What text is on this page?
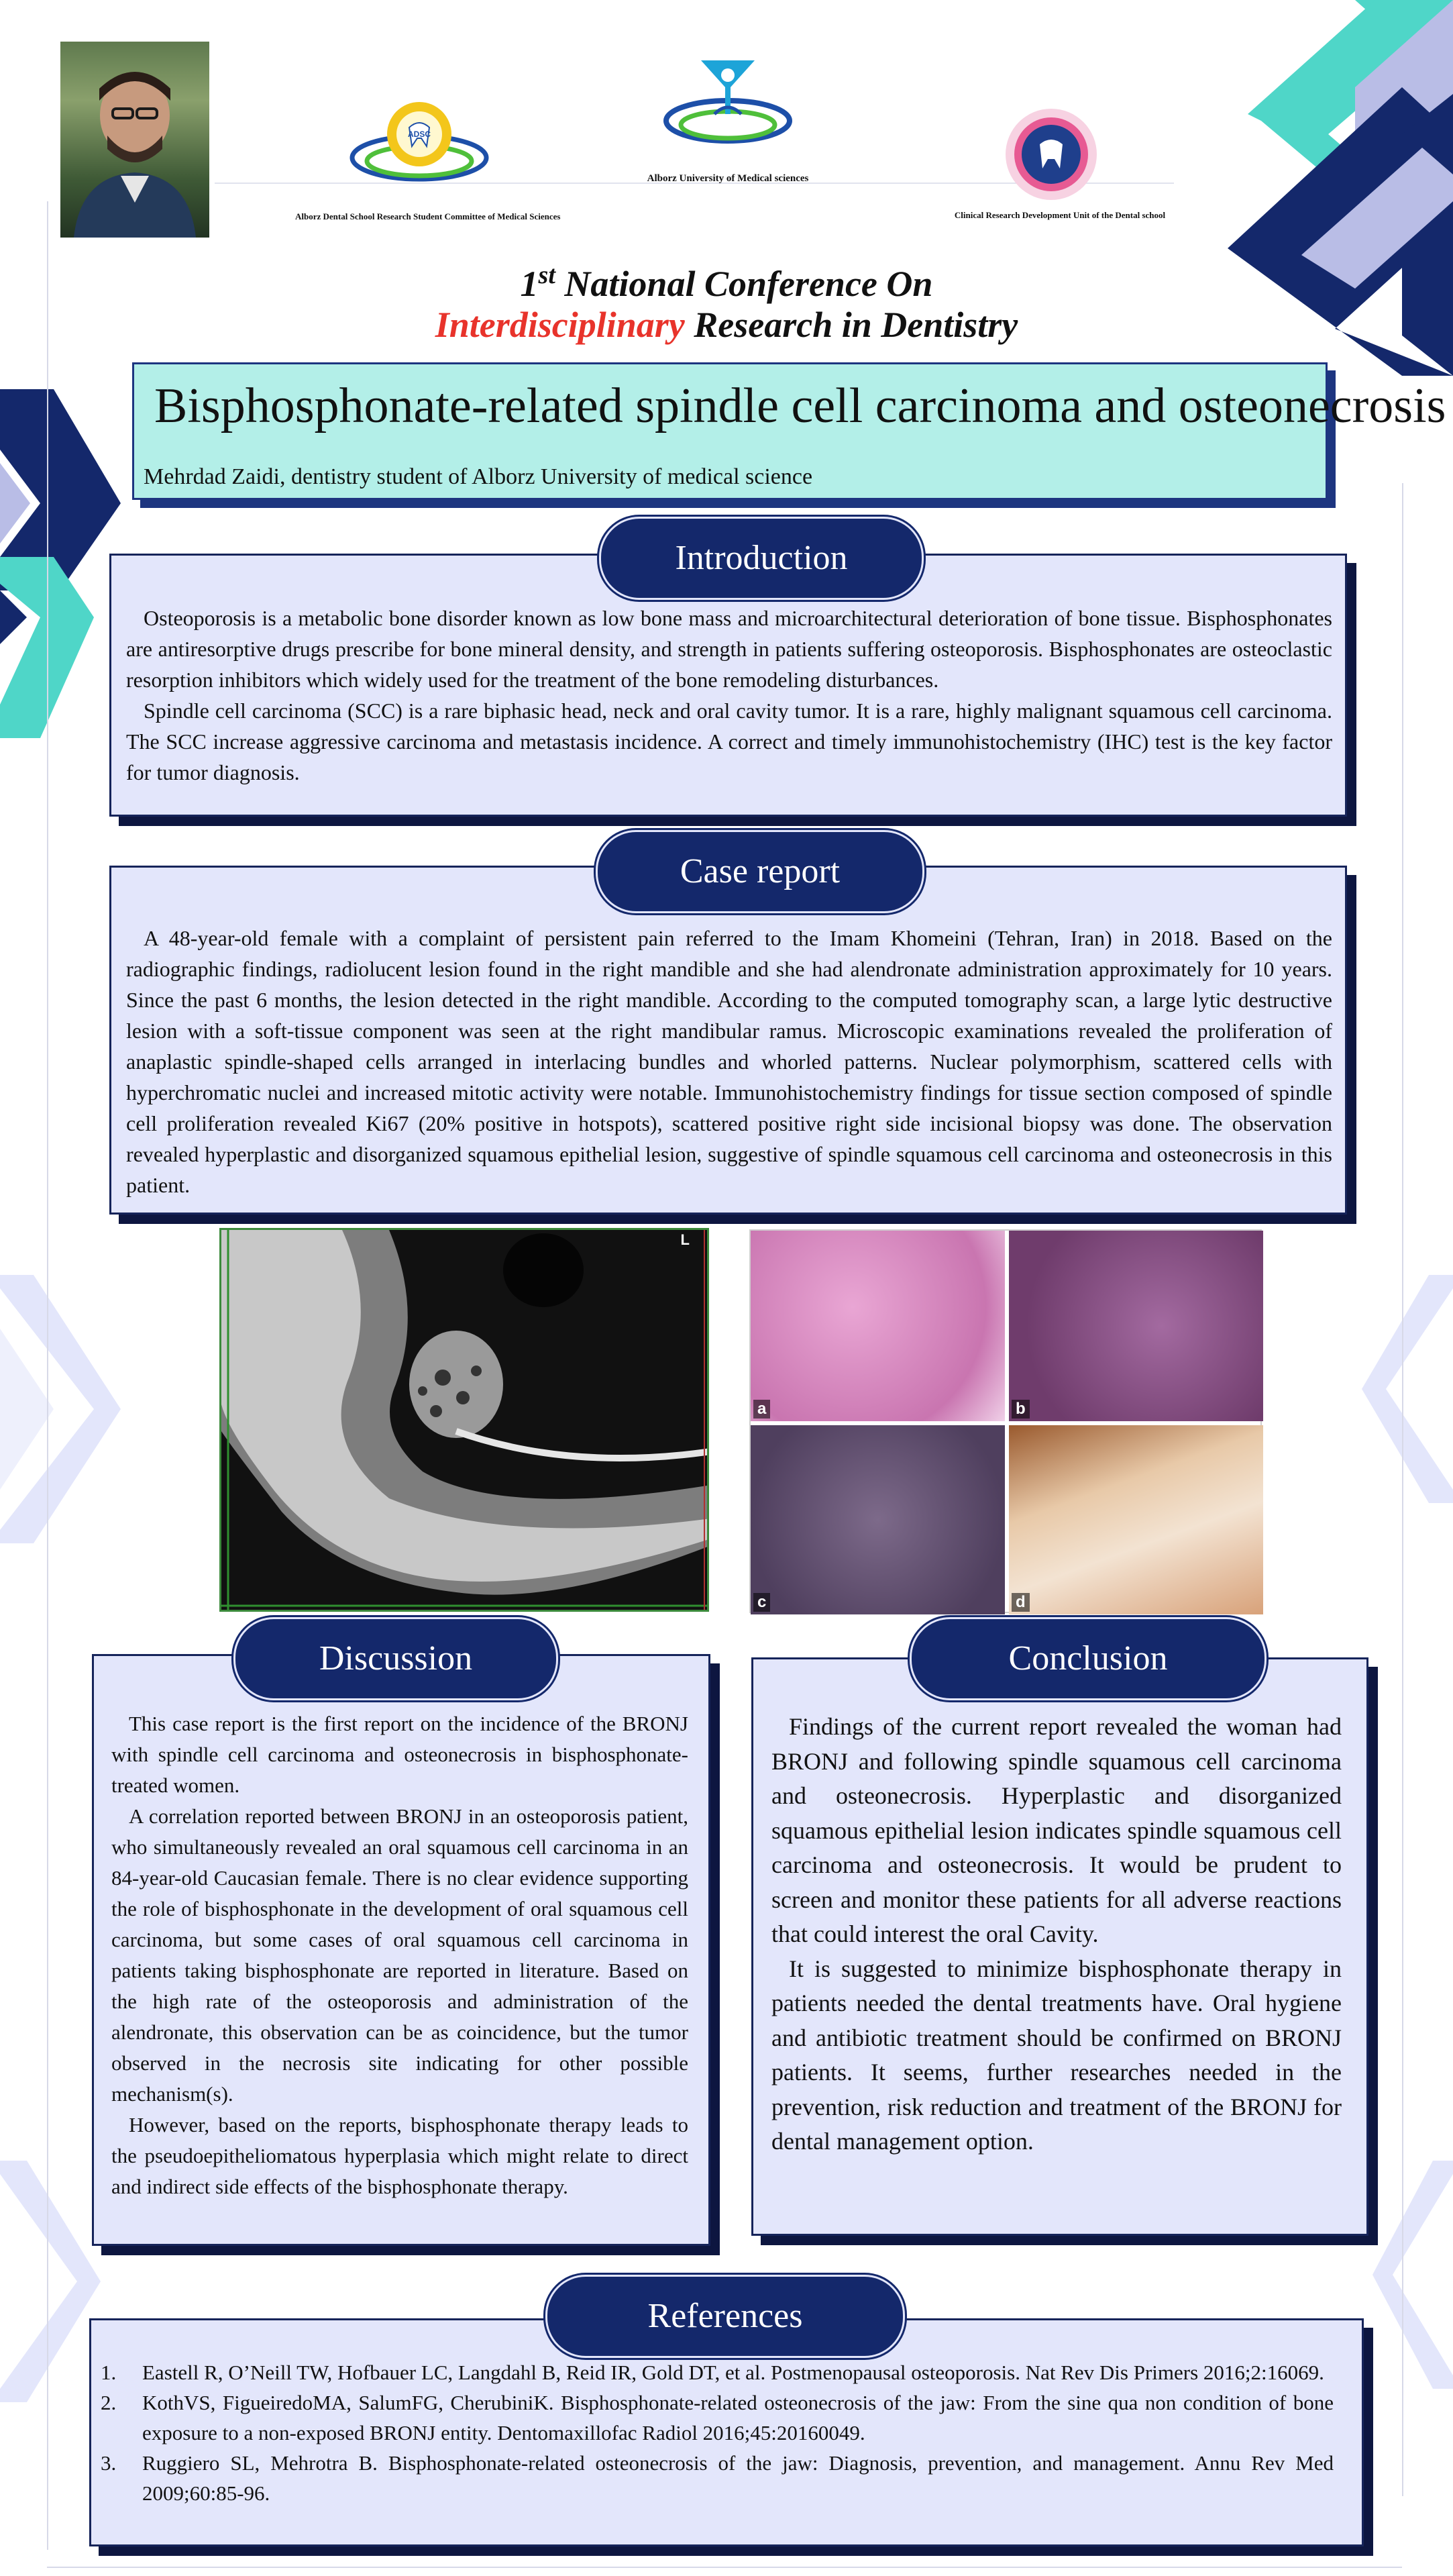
ADSC
Alborz Dental School Research Student Committee of Medical Sciences
Alborz University of Medical sciences
Clinical Research Development Unit of the Dental school
1st National Conference On
Interdisciplinary Research in Dentistry
Bisphosphonate-related spindle cell carcinoma and osteonecrosis
Mehrdad Zaidi, dentistry student of Alborz University of medical science
Introduction

Osteoporosis is a metabolic bone disorder known as low bone mass and microarchitectural deterioration of bone tissue. Bisphosphonates are antiresorptive drugs prescribe for bone mineral density, and strength in patients suffering osteoporosis. Bisphosphonates are osteoclastic resorption inhibitors which widely used for the treatment of the bone remodeling disturbances.

Spindle cell carcinoma (SCC) is a rare biphasic head, neck and oral cavity tumor. It is a rare, highly malignant squamous cell carcinoma. The SCC increase aggressive carcinoma and metastasis incidence. A correct and timely immunohistochemistry (IHC) test is the key factor for tumor diagnosis.

Case report

A 48-year-old female with a complaint of persistent pain referred to the Imam Khomeini (Tehran, Iran) in 2018. Based on the radiographic findings, radiolucent lesion found in the right mandible and she had alendronate administration approximately for 10 years. Since the past 6 months, the lesion detected in the right mandible. According to the computed tomography scan, a large lytic destructive lesion with a soft-tissue component was seen at the right mandibular ramus. Microscopic examinations revealed the proliferation of anaplastic spindle-shaped cells arranged in interlacing bundles and whorled patterns. Nuclear polymorphism, scattered cells with hyperchromatic nuclei and increased mitotic activity were notable. Immunohistochemistry findings for tissue section composed of spindle cell proliferation revealed Ki67 (20% positive in hotspots), scattered positive right side incisional biopsy was done. The observation revealed hyperplastic and disorganized squamous epithelial lesion, suggestive of spindle squamous cell carcinoma and osteonecrosis in this patient.

L
a	b
c	d
Discussion

This case report is the first report on the incidence of the BRONJ with spindle cell carcinoma and osteonecrosis in bisphosphonate-treated women.

A correlation reported between BRONJ in an osteoporosis patient, who simultaneously revealed an oral squamous cell carcinoma in an 84-year-old Caucasian female. There is no clear evidence supporting the role of bisphosphonate in the development of oral squamous cell carcinoma, but some cases of oral squamous cell carcinoma in patients taking bisphosphonate are reported in literature. Based on the high rate of the osteoporosis and administration of the alendronate, this observation can be as coincidence, but the tumor observed in the necrosis site indicating for other possible mechanism(s).

However, based on the reports, bisphosphonate therapy leads to the pseudoepitheliomatous hyperplasia which might relate to direct and indirect side effects of the bisphosphonate therapy.

Conclusion

Findings of the current report revealed the woman had BRONJ and following spindle squamous cell carcinoma and osteonecrosis. Hyperplastic and disorganized squamous epithelial lesion indicates spindle squamous cell carcinoma and osteonecrosis. It would be prudent to screen and monitor these patients for all adverse reactions that could interest the oral Cavity.

It is suggested to minimize bisphosphonate therapy in patients needed the dental treatments have. Oral hygiene and antibiotic treatment should be confirmed on BRONJ patients. It seems, further researches needed in the prevention, risk reduction and treatment of the BRONJ for dental management option.

References
1. Eastell R, O’Neill TW, Hofbauer LC, Langdahl B, Reid IR, Gold DT, et al. Postmenopausal osteoporosis. Nat Rev Dis Primers 2016;2:16069.
2. KothVS, FigueiredoMA, SalumFG, CherubiniK. Bisphosphonate-related osteonecrosis of the jaw: From the sine qua non condition of bone exposure to a non-exposed BRONJ entity. Dentomaxillofac Radiol 2016;45:20160049.
3. Ruggiero SL, Mehrotra B. Bisphosphonate-related osteonecrosis of the jaw: Diagnosis, prevention, and management. Annu Rev Med 2009;60:85-96.
